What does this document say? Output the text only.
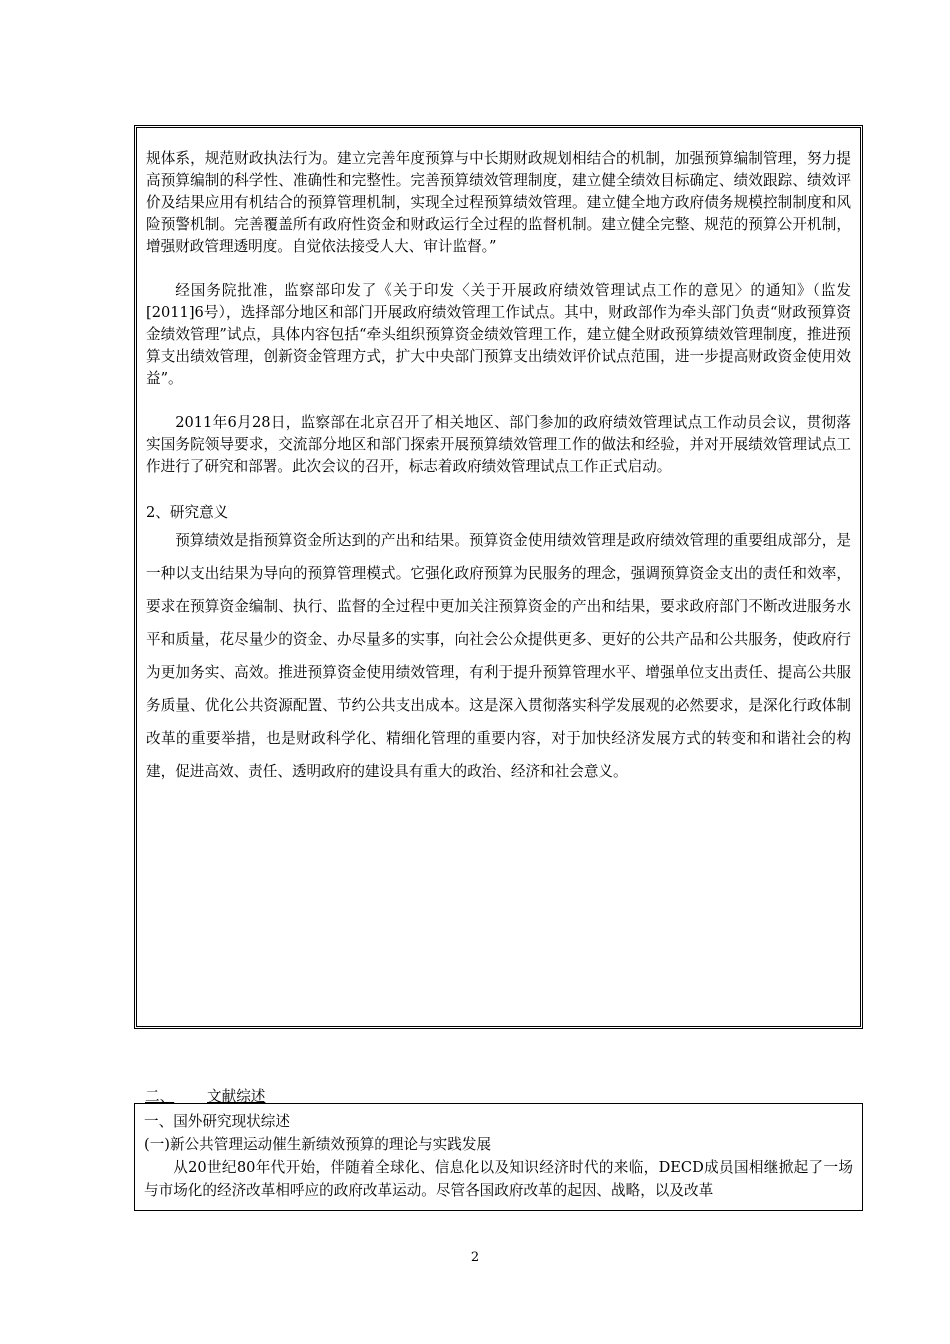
规体系，规范财政执法行为。建立完善年度预算与中长期财政规划相结合的机制，加强预算编制管理，努力提高预算编制的科学性、准确性和完整性。完善预算绩效管理制度，建立健全绩效目标确定、绩效跟踪、绩效评价及结果应用有机结合的预算管理机制，实现全过程预算绩效管理。建立健全地方政府债务规模控制制度和风险预警机制。完善覆盖所有政府性资金和财政运行全过程的监督机制。建立健全完整、规范的预算公开机制，增强财政管理透明度。自觉依法接受人大、审计监督。”

经国务院批准，监察部印发了《关于印发〈关于开展政府绩效管理试点工作的意见〉的通知》（监发[2011]6号），选择部分地区和部门开展政府绩效管理工作试点。其中，财政部作为牵头部门负责“财政预算资金绩效管理”试点，具体内容包括“牵头组织预算资金绩效管理工作，建立健全财政预算绩效管理制度，推进预算支出绩效管理，创新资金管理方式，扩大中央部门预算支出绩效评价试点范围，进一步提高财政资金使用效益”。

2011年6月28日，监察部在北京召开了相关地区、部门参加的政府绩效管理试点工作动员会议，贯彻落实国务院领导要求，交流部分地区和部门探索开展预算绩效管理工作的做法和经验，并对开展绩效管理试点工作进行了研究和部署。此次会议的召开，标志着政府绩效管理试点工作正式启动。

2、研究意义

预算绩效是指预算资金所达到的产出和结果。预算资金使用绩效管理是政府绩效管理的重要组成部分，是一种以支出结果为导向的预算管理模式。它强化政府预算为民服务的理念，强调预算资金支出的责任和效率，要求在预算资金编制、执行、监督的全过程中更加关注预算资金的产出和结果，要求政府部门不断改进服务水平和质量，花尽量少的资金、办尽量多的实事，向社会公众提供更多、更好的公共产品和公共服务，使政府行为更加务实、高效。推进预算资金使用绩效管理，有利于提升预算管理水平、增强单位支出责任、提高公共服务质量、优化公共资源配置、节约公共支出成本。这是深入贯彻落实科学发展观的必然要求，是深化行政体制改革的重要举措，也是财政科学化、精细化管理的重要内容，对于加快经济发展方式的转变和和谐社会的构建，促进高效、责任、透明政府的建设具有重大的政治、经济和社会意义。

二、 文献综述

一、国外研究现状综述

(一)新公共管理运动催生新绩效预算的理论与实践发展

从20世纪80年代开始，伴随着全球化、信息化以及知识经济时代的来临，DECD成员国相继掀起了一场与市场化的经济改革相呼应的政府改革运动。尽管各国政府改革的起因、战略，以及改革

2
